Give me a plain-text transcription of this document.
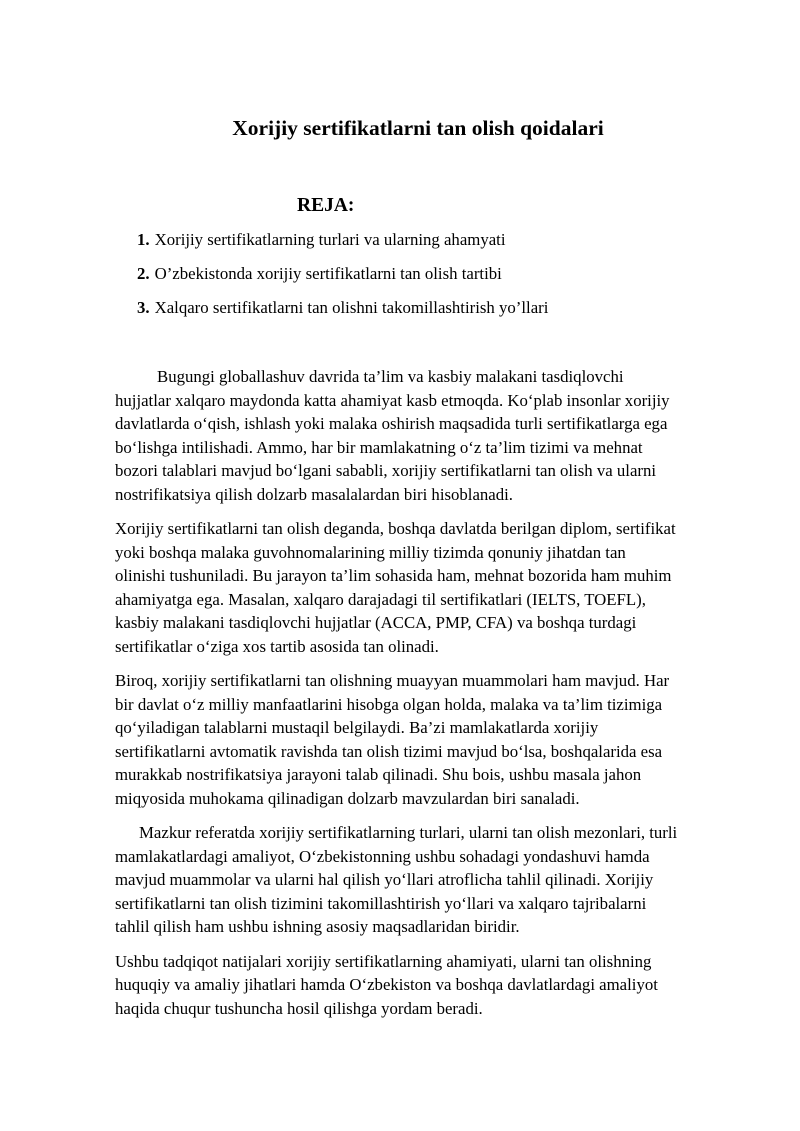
Xorijiy sertifikatlarni tan olish qoidalari
REJA:
1. Xorijiy sertifikatlarning turlari va ularning ahamyati
2. O’zbekistonda xorijiy sertifikatlarni tan olish tartibi
3. Xalqaro sertifikatlarni tan olishni takomillashtirish yo’llari

Bugungi globallashuv davrida ta’lim va kasbiy malakani tasdiqlovchi
hujjatlar xalqaro maydonda katta ahamiyat kasb etmoqda. Ko‘plab insonlar xorijiy
davlatlarda o‘qish, ishlash yoki malaka oshirish maqsadida turli sertifikatlarga ega
bo‘lishga intilishadi. Ammo, har bir mamlakatning o‘z ta’lim tizimi va mehnat
bozori talablari mavjud bo‘lgani sababli, xorijiy sertifikatlarni tan olish va ularni
nostrifikatsiya qilish dolzarb masalalardan biri hisoblanadi.

Xorijiy sertifikatlarni tan olish deganda, boshqa davlatda berilgan diplom, sertifikat
yoki boshqa malaka guvohnomalarining milliy tizimda qonuniy jihatdan tan
olinishi tushuniladi. Bu jarayon ta’lim sohasida ham, mehnat bozorida ham muhim
ahamiyatga ega. Masalan, xalqaro darajadagi til sertifikatlari (IELTS, TOEFL),
kasbiy malakani tasdiqlovchi hujjatlar (ACCA, PMP, CFA) va boshqa turdagi
sertifikatlar o‘ziga xos tartib asosida tan olinadi.

Biroq, xorijiy sertifikatlarni tan olishning muayyan muammolari ham mavjud. Har
bir davlat o‘z milliy manfaatlarini hisobga olgan holda, malaka va ta’lim tizimiga
qo‘yiladigan talablarni mustaqil belgilaydi. Ba’zi mamlakatlarda xorijiy
sertifikatlarni avtomatik ravishda tan olish tizimi mavjud bo‘lsa, boshqalarida esa
murakkab nostrifikatsiya jarayoni talab qilinadi. Shu bois, ushbu masala jahon
miqyosida muhokama qilinadigan dolzarb mavzulardan biri sanaladi.

Mazkur referatda xorijiy sertifikatlarning turlari, ularni tan olish mezonlari, turli
mamlakatlardagi amaliyot, O‘zbekistonning ushbu sohadagi yondashuvi hamda
mavjud muammolar va ularni hal qilish yo‘llari atroflicha tahlil qilinadi. Xorijiy
sertifikatlarni tan olish tizimini takomillashtirish yo‘llari va xalqaro tajribalarni
tahlil qilish ham ushbu ishning asosiy maqsadlaridan biridir.

Ushbu tadqiqot natijalari xorijiy sertifikatlarning ahamiyati, ularni tan olishning
huquqiy va amaliy jihatlari hamda O‘zbekiston va boshqa davlatlardagi amaliyot
haqida chuqur tushuncha hosil qilishga yordam beradi.
